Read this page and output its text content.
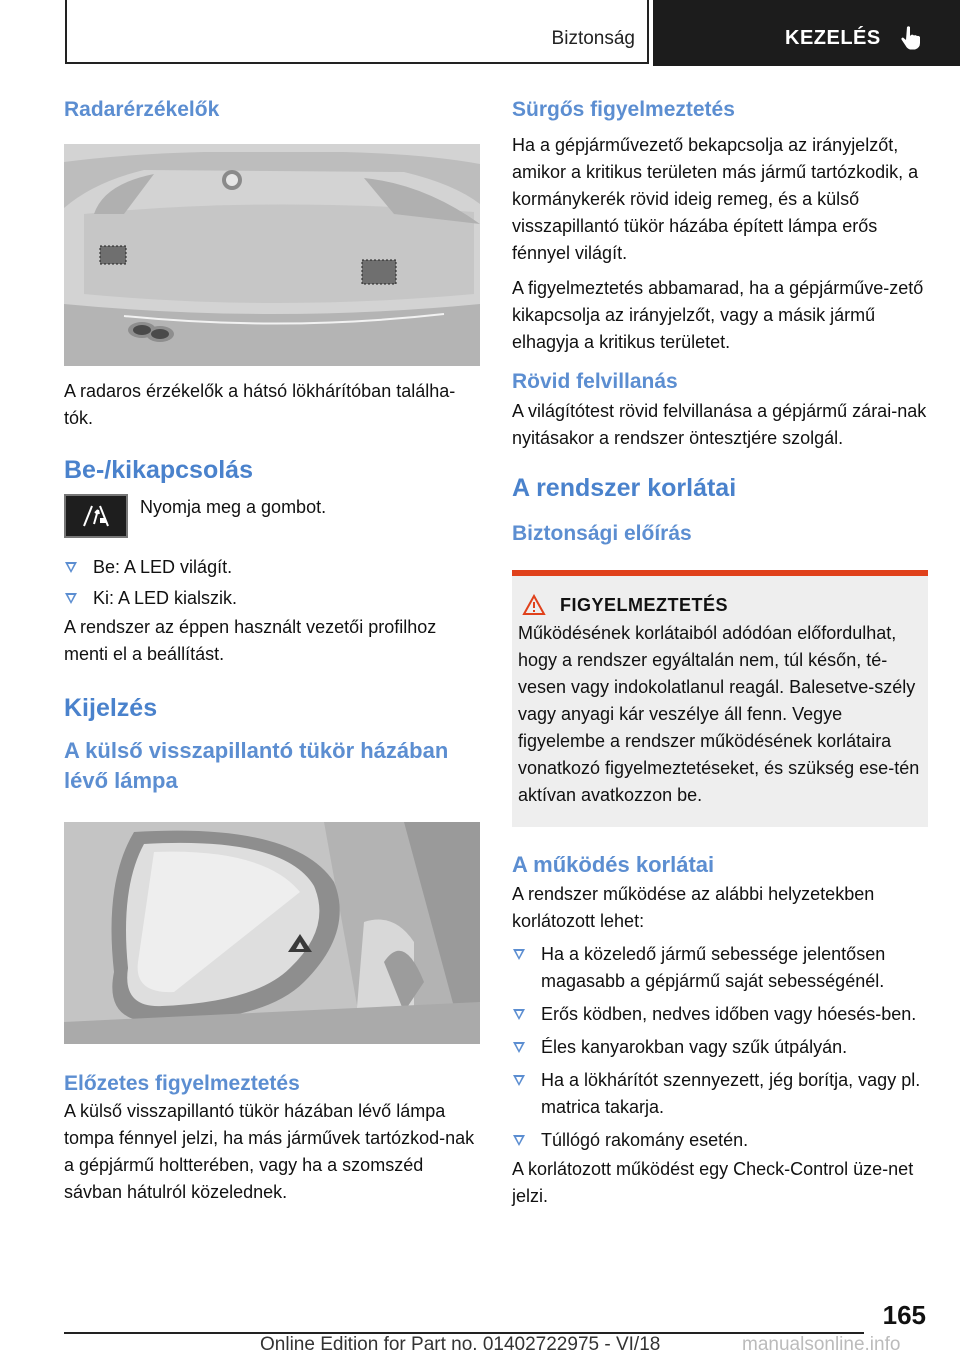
Biztonság	KEZELÉS
Radarérzékelők
A radaros érzékelők a hátsó lökhárítóban találha‐tók.
Be-/kikapcsolás
Nyomja meg a gombot.
Be: A LED világít.
Ki: A LED kialszik.
A rendszer az éppen használt vezetői profilhoz menti el a beállítást.
Kijelzés
A külső visszapillantó tükör házában lévő lámpa
Előzetes figyelmeztetés
A külső visszapillantó tükör házában lévő lámpa tompa fénnyel jelzi, ha más járművek tartózkod‐nak a gépjármű holtterében, vagy ha a szomszéd sávban hátulról közelednek.
Sürgős figyelmeztetés
Ha a gépjárművezető bekapcsolja az irányjelzőt, amikor a kritikus területen más jármű tartózkodik, a kormánykerék rövid ideig remeg, és a külső visszapillantó tükör házába épített lámpa erős fénnyel világít.
A figyelmeztetés abbamarad, ha a gépjárműve‐zető kikapcsolja az irányjelzőt, vagy a másik jármű elhagyja a kritikus területet.
Rövid felvillanás
A világítótest rövid felvillanása a gépjármű zárai‐nak nyitásakor a rendszer öntesztjére szolgál.
A rendszer korlátai
Biztonsági előírás
FIGYELMEZTETÉS
Működésének korlátaiból adódóan előfordulhat, hogy a rendszer egyáltalán nem, túl későn, té‐vesen vagy indokolatlanul reagál. Balesetve‐szély vagy anyagi kár veszélye áll fenn. Vegye figyelembe a rendszer működésének korlátaira vonatkozó figyelmeztetéseket, és szükség ese‐tén aktívan avatkozzon be.
A működés korlátai
A rendszer működése az alábbi helyzetekben korlátozott lehet:
Ha a közeledő jármű sebessége jelentősen magasabb a gépjármű saját sebességénél.
Erős ködben, nedves időben vagy hóesés‐ben.
Éles kanyarokban vagy szűk útpályán.
Ha a lökhárítót szennyezett, jég borítja, vagy pl. matrica takarja.
Túllógó rakomány esetén.
A korlátozott működést egy Check-Control üze‐net jelzi.
165
Online Edition for Part no. 01402722975 - VI/18	manualsonline.info
